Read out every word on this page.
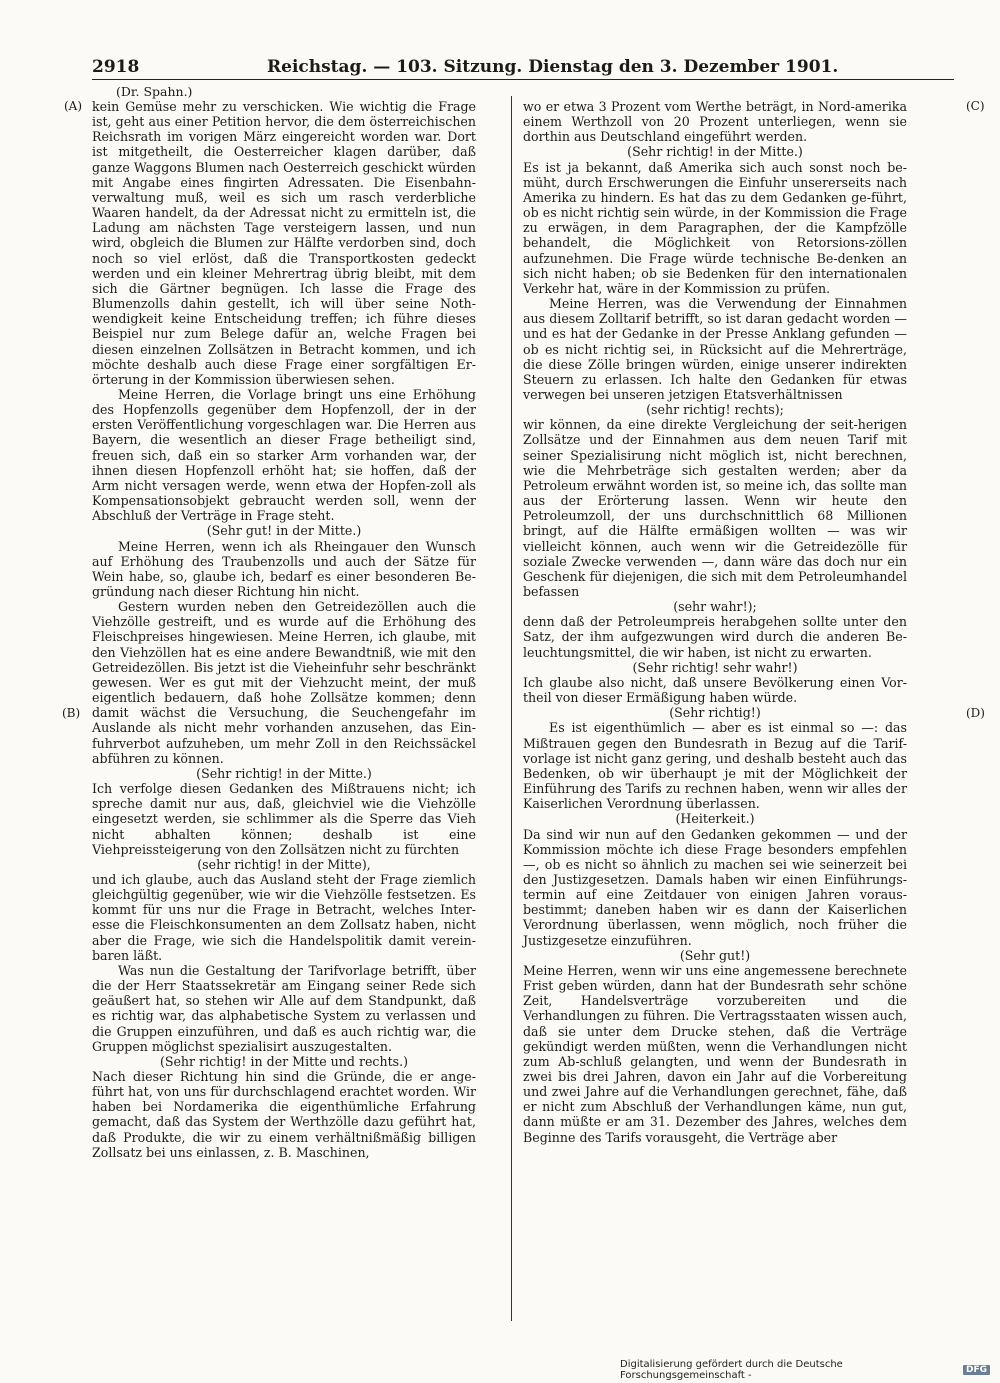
2918	Reichstag. — 103. Sitzung. Dienstag den 3. Dezember 1901.
(Dr. Spahn.)
(A)
(B)
(C)
(D)

kein Gemüse mehr zu verschicken. Wie wichtig die Frage ist, geht aus einer Petition hervor, die dem österreichischen Reichsrath im vorigen März eingereicht worden war. Dort ist mitgetheilt, die Oesterreicher klagen darüber, daß ganze Waggons Blumen nach Oesterreich geschickt würden mit Angabe eines fingirten Adressaten. Die Eisenbahn-verwaltung muß, weil es sich um rasch verderbliche Waaren handelt, da der Adressat nicht zu ermitteln ist, die Ladung am nächsten Tage versteigern lassen, und nun wird, obgleich die Blumen zur Hälfte verdorben sind, doch noch so viel erlöst, daß die Transportkosten gedeckt werden und ein kleiner Mehrertrag übrig bleibt, mit dem sich die Gärtner begnügen. Ich lasse die Frage des Blumenzolls dahin gestellt, ich will über seine Noth-wendigkeit keine Entscheidung treffen; ich führe dieses Beispiel nur zum Belege dafür an, welche Fragen bei diesen einzelnen Zollsätzen in Betracht kommen, und ich möchte deshalb auch diese Frage einer sorgfältigen Er-örterung in der Kommission überwiesen sehen.

Meine Herren, die Vorlage bringt uns eine Erhöhung des Hopfenzolls gegenüber dem Hopfenzoll, der in der ersten Veröffentlichung vorgeschlagen war. Die Herren aus Bayern, die wesentlich an dieser Frage betheiligt sind, freuen sich, daß ein so starker Arm vorhanden war, der ihnen diesen Hopfenzoll erhöht hat; sie hoffen, daß der Arm nicht versagen werde, wenn etwa der Hopfen-zoll als Kompensationsobjekt gebraucht werden soll, wenn der Abschluß der Verträge in Frage steht.

(Sehr gut! in der Mitte.)

Meine Herren, wenn ich als Rheingauer den Wunsch auf Erhöhung des Traubenzolls und auch der Sätze für Wein habe, so, glaube ich, bedarf es einer besonderen Be-gründung nach dieser Richtung hin nicht.

Gestern wurden neben den Getreidezöllen auch die Viehzölle gestreift, und es wurde auf die Erhöhung des Fleischpreises hingewiesen. Meine Herren, ich glaube, mit den Viehzöllen hat es eine andere Bewandtniß, wie mit den Getreidezöllen. Bis jetzt ist die Vieheinfuhr sehr beschränkt gewesen. Wer es gut mit der Viehzucht meint, der muß eigentlich bedauern, daß hohe Zollsätze kommen; denn damit wächst die Versuchung, die Seuchengefahr im Auslande als nicht mehr vorhanden anzusehen, das Ein-fuhrverbot aufzuheben, um mehr Zoll in den Reichssäckel abführen zu können.

(Sehr richtig! in der Mitte.)

Ich verfolge diesen Gedanken des Mißtrauens nicht; ich spreche damit nur aus, daß, gleichviel wie die Viehzölle eingesetzt werden, sie schlimmer als die Sperre das Vieh nicht abhalten können; deshalb ist eine Viehpreissteigerung von den Zollsätzen nicht zu fürchten

(sehr richtig! in der Mitte),

und ich glaube, auch das Ausland steht der Frage ziemlich gleichgültig gegenüber, wie wir die Viehzölle festsetzen. Es kommt für uns nur die Frage in Betracht, welches Inter-esse die Fleischkonsumenten an dem Zollsatz haben, nicht aber die Frage, wie sich die Handelspolitik damit verein-baren läßt.

Was nun die Gestaltung der Tarifvorlage betrifft, über die der Herr Staatssekretär am Eingang seiner Rede sich geäußert hat, so stehen wir Alle auf dem Standpunkt, daß es richtig war, das alphabetische System zu verlassen und die Gruppen einzuführen, und daß es auch richtig war, die Gruppen möglichst spezialisirt auszugestalten.

(Sehr richtig! in der Mitte und rechts.)

Nach dieser Richtung hin sind die Gründe, die er ange-führt hat, von uns für durchschlagend erachtet worden. Wir haben bei Nordamerika die eigenthümliche Erfahrung gemacht, daß das System der Werthzölle dazu geführt hat, daß Produkte, die wir zu einem verhältnißmäßig billigen Zollsatz bei uns einlassen, z. B. Maschinen,

wo er etwa 3 Prozent vom Werthe beträgt, in Nord-amerika einem Werthzoll von 20 Prozent unterliegen, wenn sie dorthin aus Deutschland eingeführt werden.

(Sehr richtig! in der Mitte.)

Es ist ja bekannt, daß Amerika sich auch sonst noch be-müht, durch Erschwerungen die Einfuhr unsererseits nach Amerika zu hindern. Es hat das zu dem Gedanken ge-führt, ob es nicht richtig sein würde, in der Kommission die Frage zu erwägen, in dem Paragraphen, der die Kampfzölle behandelt, die Möglichkeit von Retorsions-zöllen aufzunehmen. Die Frage würde technische Be-denken an sich nicht haben; ob sie Bedenken für den internationalen Verkehr hat, wäre in der Kommission zu prüfen.

Meine Herren, was die Verwendung der Einnahmen aus diesem Zolltarif betrifft, so ist daran gedacht worden — und es hat der Gedanke in der Presse Anklang gefunden — ob es nicht richtig sei, in Rücksicht auf die Mehrerträge, die diese Zölle bringen würden, einige unserer indirekten Steuern zu erlassen. Ich halte den Gedanken für etwas verwegen bei unseren jetzigen Etatsverhältnissen

(sehr richtig! rechts);

wir können, da eine direkte Vergleichung der seit-herigen Zollsätze und der Einnahmen aus dem neuen Tarif mit seiner Spezialisirung nicht möglich ist, nicht berechnen, wie die Mehrbeträge sich gestalten werden; aber da Petroleum erwähnt worden ist, so meine ich, das sollte man aus der Erörterung lassen. Wenn wir heute den Petroleumzoll, der uns durchschnittlich 68 Millionen bringt, auf die Hälfte ermäßigen wollten — was wir vielleicht können, auch wenn wir die Getreidezölle für soziale Zwecke verwenden —, dann wäre das doch nur ein Geschenk für diejenigen, die sich mit dem Petroleumhandel befassen

(sehr wahr!);

denn daß der Petroleumpreis herabgehen sollte unter den Satz, der ihm aufgezwungen wird durch die anderen Be-leuchtungsmittel, die wir haben, ist nicht zu erwarten.

(Sehr richtig! sehr wahr!)

Ich glaube also nicht, daß unsere Bevölkerung einen Vor-theil von dieser Ermäßigung haben würde.

(Sehr richtig!)

Es ist eigenthümlich — aber es ist einmal so —: das Mißtrauen gegen den Bundesrath in Bezug auf die Tarif-vorlage ist nicht ganz gering, und deshalb besteht auch das Bedenken, ob wir überhaupt je mit der Möglichkeit der Einführung des Tarifs zu rechnen haben, wenn wir alles der Kaiserlichen Verordnung überlassen.

(Heiterkeit.)

Da sind wir nun auf den Gedanken gekommen — und der Kommission möchte ich diese Frage besonders empfehlen —, ob es nicht so ähnlich zu machen sei wie seinerzeit bei den Justizgesetzen. Damals haben wir einen Einführungs-termin auf eine Zeitdauer von einigen Jahren voraus-bestimmt; daneben haben wir es dann der Kaiserlichen Verordnung überlassen, wenn möglich, noch früher die Justizgesetze einzuführen.

(Sehr gut!)

Meine Herren, wenn wir uns eine angemessene berechnete Frist geben würden, dann hat der Bundesrath sehr schöne Zeit, Handelsverträge vorzubereiten und die Verhandlungen zu führen. Die Vertragsstaaten wissen auch, daß sie unter dem Drucke stehen, daß die Verträge gekündigt werden müßten, wenn die Verhandlungen nicht zum Ab-schluß gelangten, und wenn der Bundesrath in zwei bis drei Jahren, davon ein Jahr auf die Vorbereitung und zwei Jahre auf die Verhandlungen gerechnet, fähe, daß er nicht zum Abschluß der Verhandlungen käme, nun gut, dann müßte er am 31. Dezember des Jahres, welches dem Beginne des Tarifs vorausgeht, die Verträge aber

Digitalisierung gefördert durch die Deutsche Forschungsgemeinschaft -	DFG
